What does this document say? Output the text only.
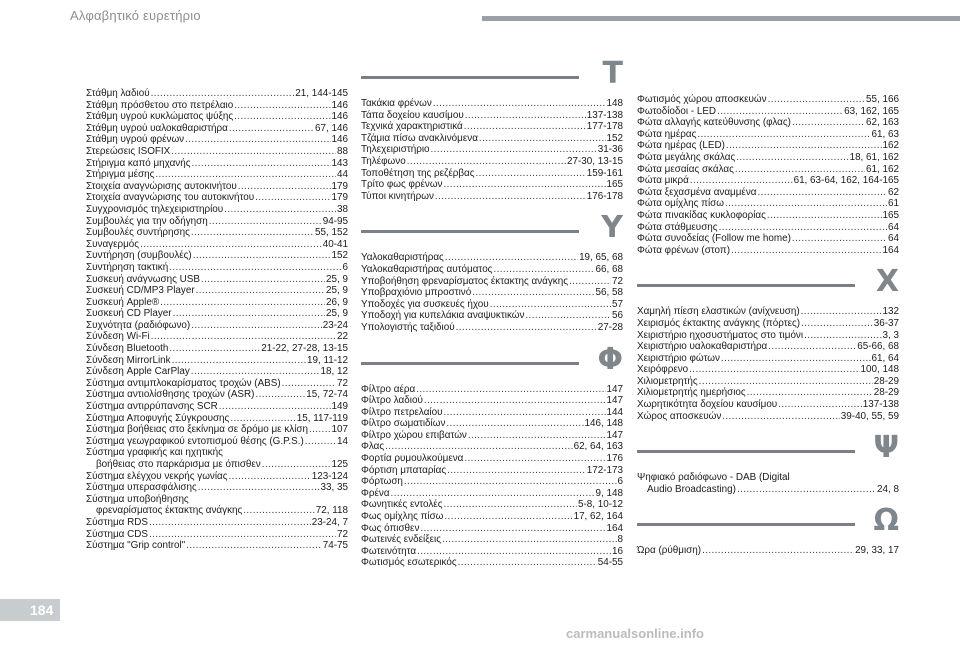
Αλφαβητικό ευρετήριο
Στάθμη λαδιού .....	21, 144-145
Στάθμη πρόσθετου στο πετρέλαιο .....	146
Στάθμη υγρού κυκλώματος ψύξης .....	146
Στάθμη υγρού υαλοκαθαριστήρα .....	67, 146
Στάθμη υγρού φρένων .....	146
Στερεώσεις ISOFIX .....	88
Στήριγμα καπό μηχανής .....	143
Στήριγμα μέσης .....	44
Στοιχεία αναγνώρισης αυτοκινήτου .....	179
Στοιχεία αναγνώρισης του αυτοκινήτου .....	179
Συγχρονισμός τηλεχειριστηρίου .....	38
Συμβουλές για την οδήγηση .....	94-95
Συμβουλές συντήρησης .....	55, 152
Συναγερμός .....	40-41
Συντήρηση (συμβουλές) .....	152
Συντήρηση τακτική .....	6
Συσκευή ανάγνωσης USB .....	25, 9
Συσκευή CD/MP3 Player .....	25, 9
Συσκευή Apple® .....	26, 9
Συσκευή CD Player .....	25, 9
Συχνότητα (ραδιόφωνο) .....	23-24
Σύνδεση Wi-Fi .....	22
Σύνδεση Bluetooth .....	21-22, 27-28, 13-15
Σύνδεση MirrorLink .....	19, 11-12
Σύνδεση Apple CarPlay .....	18, 12
Σύστημα αντιμπλοκαρίσματος τροχών (ABS) .....	72
Σύστημα αντιολίσθησης τροχών (ASR) .....	15, 72-74
Σύστημα αντιρρύπανσης SCR .....	149
Σύστημα Αποφυγής Σύγκρουσης .....	15, 117-119
Σύστημα βοήθειας στο ξεκίνημα σε δρόμο με κλίση ..... 107
Σύστημα γεωγραφικού εντοπισμού θέσης (G.P.S.) .....	14
Σύστημα γραφικής και ηχητικής
βοήθειας στο παρκάρισμα με όπισθεν .....	125
Σύστημα ελέγχου νεκρής γωνίας .....	123-124
Σύστημα υπερασφάλισης .....	33, 35
Σύστημα υποβοήθησης
φρεναρίσματος έκτακτης ανάγκης .....	72, 118
Σύστημα RDS .....	23-24, 7
Σύστημα CDS .....	72
Σύστημα "Grip control" .....	74-75
Τ
Τακάκια φρένων .....	148
Τάπα δοχείου καυσίμου .....	137-138
Τεχνικά χαρακτηριστικά .....	177-178
Τζάμια πίσω ανακλινόμενα .....	152
Τηλεχειριστήριο .....	31-36
Τηλέφωνο .....	27-30, 13-15
Τοποθέτηση της ρεζέρβας .....	159-161
Τρίτο φως φρένων .....	165
Τύποι κινητήρων .....	176-178
Υ
Υαλοκαθαριστήρας .....	19, 65, 68
Υαλοκαθαριστήρας αυτόματος .....	66, 68
Υποβοήθηση φρεναρίσματος έκτακτης ανάγκης .....	72
Υποβραχιόνιο μπροστινό .....	56, 58
Υποδοχές για συσκευές ήχου .....	57
Υποδοχή για κυπελάκια αναψυκτικών .....	56
Υπολογιστής ταξιδιού .....	27-28
Φ
Φίλτρο αέρα .....	147
Φίλτρο λαδιού .....	147
Φίλτρο πετρελαίου .....	144
Φίλτρο σωματιδίων .....	146, 148
Φίλτρο χώρου επιβατών .....	147
Φλας .....	62, 64, 163
Φορτία ρυμουλκούμενα .....	176
Φόρτιση μπαταρίας .....	172-173
Φόρτωση .....	6
Φρένα .....	9, 148
Φωνητικές εντολές .....	5-8, 10-12
Φως ομίχλης πίσω .....	17, 62, 164
Φως όπισθεν .....	164
Φωτεινές ενδείξεις .....	8
Φωτεινότητα .....	16
Φωτισμός εσωτερικός .....	54-55
Φωτισμός χώρου αποσκευών .....	55, 166
Φωτοδίοδοι - LED .....	63, 162, 165
Φώτα αλλαγής κατεύθυνσης (φλας) .....	62, 163
Φώτα ημέρας .....	61, 63
Φώτα ημέρας (LED) .....	162
Φώτα μεγάλης σκάλας .....	18, 61, 162
Φώτα μεσαίας σκάλας .....	61, 162
Φώτα μικρά .....	61, 63-64, 162, 164-165
Φώτα ξεχασμένα αναμμένα .....	62
Φώτα ομίχλης πίσω .....	61
Φώτα πινακίδας κυκλοφορίας .....	165
Φώτα στάθμευσης .....	64
Φώτα συνοδείας (Follow me home) .....	64
Φώτα φρένων (στοπ) .....	164
Χ
Χαμηλή πίεση ελαστικών (ανίχνευση) .....	132
Χειρισμός έκτακτης ανάγκης (πόρτες) .....	36-37
Χειριστήριο ηχοσυστήματος στο τιμόνι .....	3, 3
Χειριστήριο υαλοκαθαριστήρα .....	65-66, 68
Χειριστήριο φώτων .....	61, 64
Χειρόφρενο .....	100, 148
Χιλιομετρητής .....	28-29
Χιλιομετρητής ημερήσιος .....	28-29
Χωρητικότητα δοχείου καυσίμου .....	137-138
Χώρος αποσκευών .....	39-40, 55, 59
Ψ
Ψηφιακό ραδιόφωνο - DAB (Digital
Audio Broadcasting) .....	24, 8
Ω
Ώρα (ρύθμιση) .....	29, 33, 17
184
carmanualsonline.info
